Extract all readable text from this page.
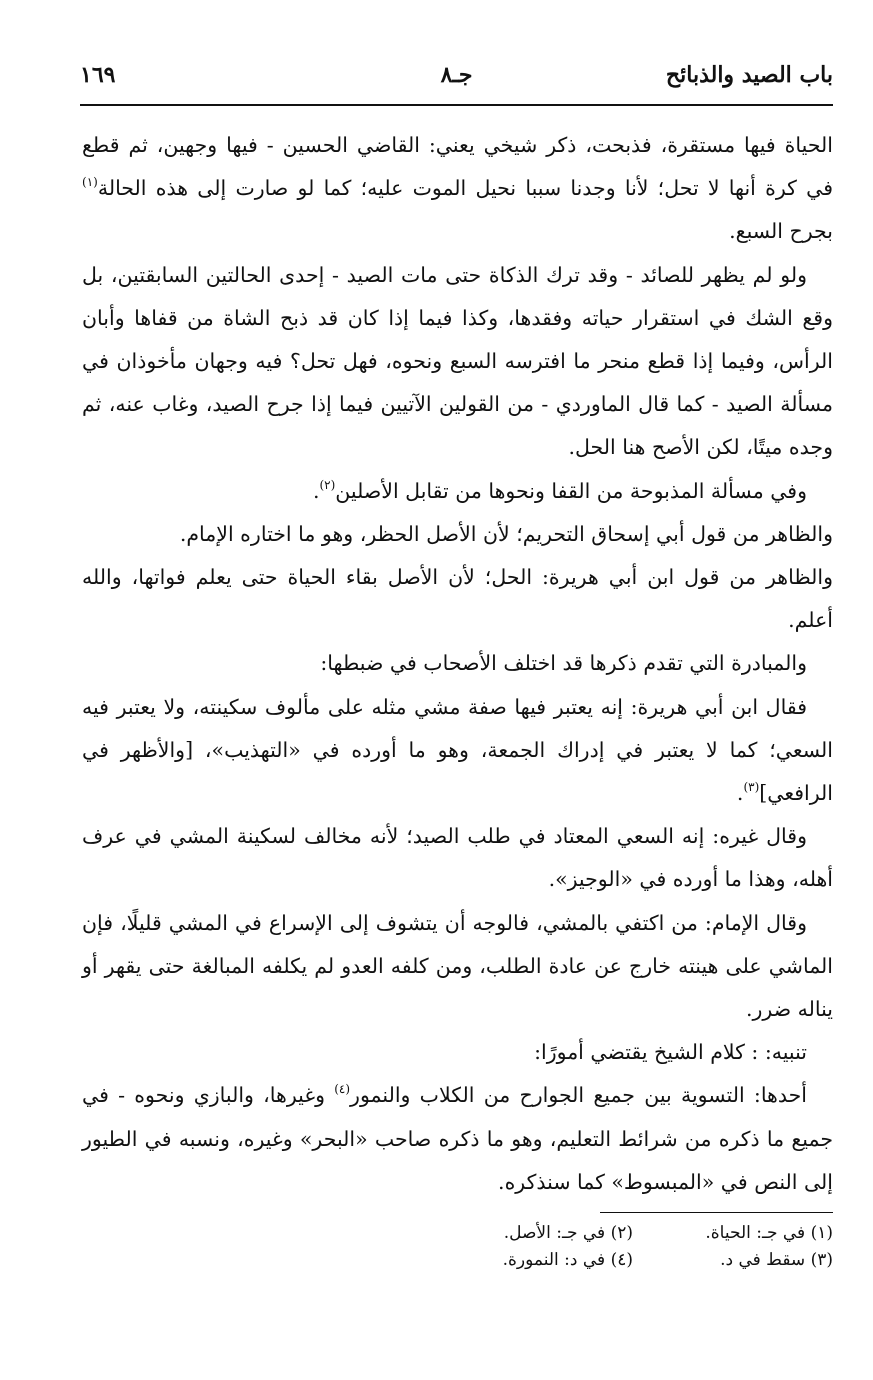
باب الصيد والذبائح
جـ٨
١٦٩

الحياة فيها مستقرة، فذبحت، ذكر شيخي يعني: القاضي الحسين - فيها وجهين، ثم قطع في كرة أنها لا تحل؛ لأنا وجدنا سببا نحيل الموت عليه؛ كما لو صارت إلى هذه الحالة$^{(١)}$ بجرح السبع.

ولو لم يظهر للصائد - وقد ترك الذكاة حتى مات الصيد - إحدى الحالتين السابقتين، بل وقع الشك في استقرار حياته وفقدها، وكذا فيما إذا كان قد ذبح الشاة من قفاها وأبان الرأس، وفيما إذا قطع منحر ما افترسه السبع ونحوه، فهل تحل؟ فيه وجهان مأخوذان في مسألة الصيد - كما قال الماوردي - من القولين الآتيين فيما إذا جرح الصيد، وغاب عنه، ثم وجده ميتًا، لكن الأصح هنا الحل.

وفي مسألة المذبوحة من القفا ونحوها من تقابل الأصلين$^{(٢)}$.

والظاهر من قول أبي إسحاق التحريم؛ لأن الأصل الحظر، وهو ما اختاره الإمام.

والظاهر من قول ابن أبي هريرة: الحل؛ لأن الأصل بقاء الحياة حتى يعلم فواتها، والله أعلم.

والمبادرة التي تقدم ذكرها قد اختلف الأصحاب في ضبطها:

فقال ابن أبي هريرة: إنه يعتبر فيها صفة مشي مثله على مألوف سكينته، ولا يعتبر فيه السعي؛ كما لا يعتبر في إدراك الجمعة، وهو ما أورده في «التهذيب»، [والأظهر في الرافعي]$^{(٣)}$.

وقال غيره: إنه السعي المعتاد في طلب الصيد؛ لأنه مخالف لسكينة المشي في عرف أهله، وهذا ما أورده في «الوجيز».

وقال الإمام: من اكتفي بالمشي، فالوجه أن يتشوف إلى الإسراع في المشي قليلًا، فإن الماشي على هينته خارج عن عادة الطلب، ومن كلفه العدو لم يكلفه المبالغة حتى يقهر أو يناله ضرر.

تنبيه: : كلام الشيخ يقتضي أمورًا:

أحدها: التسوية بين جميع الجوارح من الكلاب والنمور$^{(٤)}$ وغيرها، والبازي ونحوه - في جميع ما ذكره من شرائط التعليم، وهو ما ذكره صاحب «البحر» وغيره، ونسبه في الطيور إلى النص في «المبسوط» كما سنذكره.

(١) في جـ: الحياة.
(٢) في جـ: الأصل.
(٣) سقط في د.
(٤) في د: النمورة.
